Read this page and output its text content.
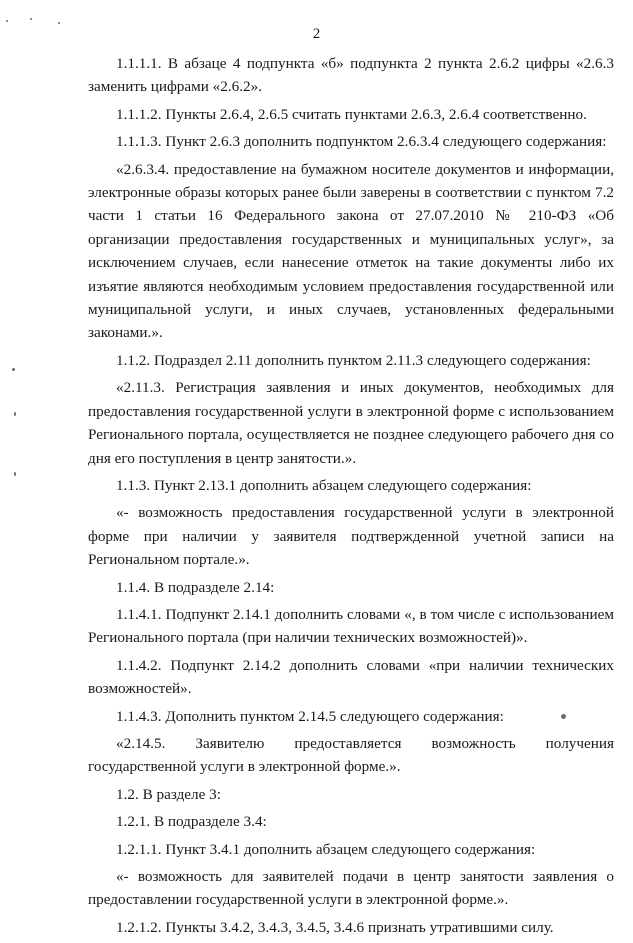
2

1.1.1.1. В абзаце 4 подпункта «б» подпункта 2 пункта 2.6.2 цифры «2.6.3 заменить цифрами «2.6.2».

1.1.1.2. Пункты 2.6.4, 2.6.5 считать пунктами 2.6.3, 2.6.4 соответственно.

1.1.1.3. Пункт 2.6.3 дополнить подпунктом 2.6.3.4 следующего содержания:

«2.6.3.4. предоставление на бумажном носителе документов и информации, электронные образы которых ранее были заверены в соответствии с пунктом 7.2 части 1 статьи 16 Федерального закона от 27.07.2010 № 210-ФЗ «Об организации предоставления государственных и муниципальных услуг», за исключением случаев, если нанесение отметок на такие документы либо их изъятие являются необходимым условием предоставления государственной или муниципальной услуги, и иных случаев, установленных федеральными законами.».

1.1.2. Подраздел 2.11 дополнить пунктом 2.11.3 следующего содержания:

«2.11.3. Регистрация заявления и иных документов, необходимых для предоставления государственной услуги в электронной форме с использованием Регионального портала, осуществляется не позднее следующего рабочего дня со дня его поступления в центр занятости.».

1.1.3. Пункт 2.13.1 дополнить абзацем следующего содержания:

«- возможность предоставления государственной услуги в электронной форме при наличии у заявителя подтвержденной учетной записи на Региональном портале.».

1.1.4. В подразделе 2.14:

1.1.4.1. Подпункт 2.14.1 дополнить словами «, в том числе с использованием Регионального портала (при наличии технических возможностей)».

1.1.4.2. Подпункт 2.14.2 дополнить словами «при наличии технических возможностей».

1.1.4.3. Дополнить пунктом 2.14.5 следующего содержания:

«2.14.5. Заявителю предоставляется возможность получения государственной услуги в электронной форме.».

1.2. В разделе 3:

1.2.1. В подразделе 3.4:

1.2.1.1. Пункт 3.4.1 дополнить абзацем следующего содержания:

«- возможность для заявителей подачи в центр занятости заявления о предоставлении государственной услуги в электронной форме.».

1.2.1.2. Пункты 3.4.2, 3.4.3, 3.4.5, 3.4.6 признать утратившими силу.
